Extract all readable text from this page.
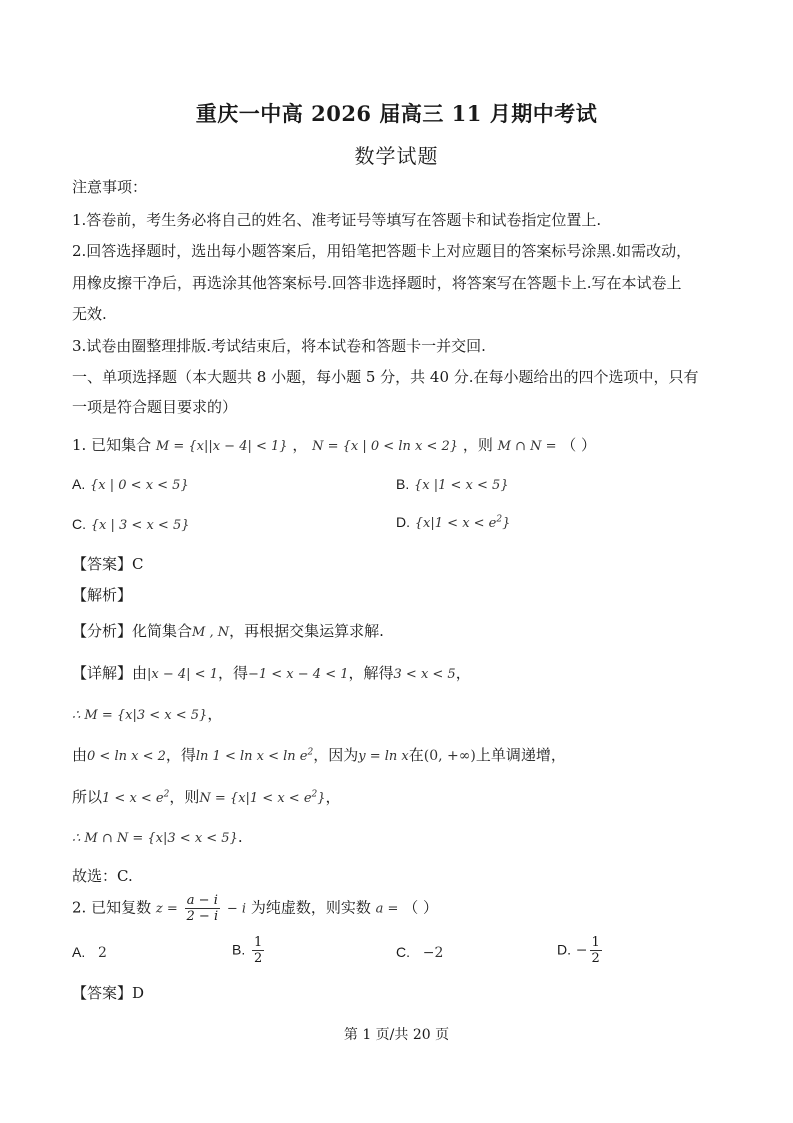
重庆一中高 2026 届高三 11 月期中考试
数学试题
注意事项：
1.答卷前，考生务必将自己的姓名、准考证号等填写在答题卡和试卷指定位置上.
2.回答选择题时，选出每小题答案后，用铅笔把答题卡上对应题目的答案标号涂黑.如需改动，
用橡皮擦干净后，再选涂其他答案标号.回答非选择题时，将答案写在答题卡上.写在本试卷上
无效.
3.试卷由圈整理排版.考试结束后，将本试卷和答题卡一并交回.
一、单项选择题（本大题共 8 小题，每小题 5 分，共 40 分.在每小题给出的四个选项中，只有
一项是符合题目要求的）
1. 已知集合 M = {x||x − 4| < 1} ， N = {x | 0 < ln x < 2} ，则 M ∩ N = （ ）
A. {x | 0 < x < 5}	B. {x |1 < x < 5}
C. {x | 3 < x < 5}	D. $\{x|1 < x < e^2\}$
【答案】C
【解析】
【分析】化简集合M , N，再根据交集运算求解.
【详解】由|x − 4| < 1，得−1 < x − 4 < 1，解得3 < x < 5，
∴ M = {x|3 < x < 5}，
由0 < ln x < 2，得$\ln 1 < \ln x < \ln e^2$，因为y = ln x在(0, +∞)上单调递增，
所以$1 < x < e^2$，则$N = \{x|1 < x < e^2\}$，
∴ M ∩ N = {x|3 < x < 5}.
故选：C.
2. 已知复数 $z = \frac{a - i}{2 - i} - i$ 为纯虚数，则实数 a = （ ）
A. 2	B. $\frac{1}{2}$	C. −2	D. − $\frac{1}{2}$
【答案】D
第 1 页/共 20 页
